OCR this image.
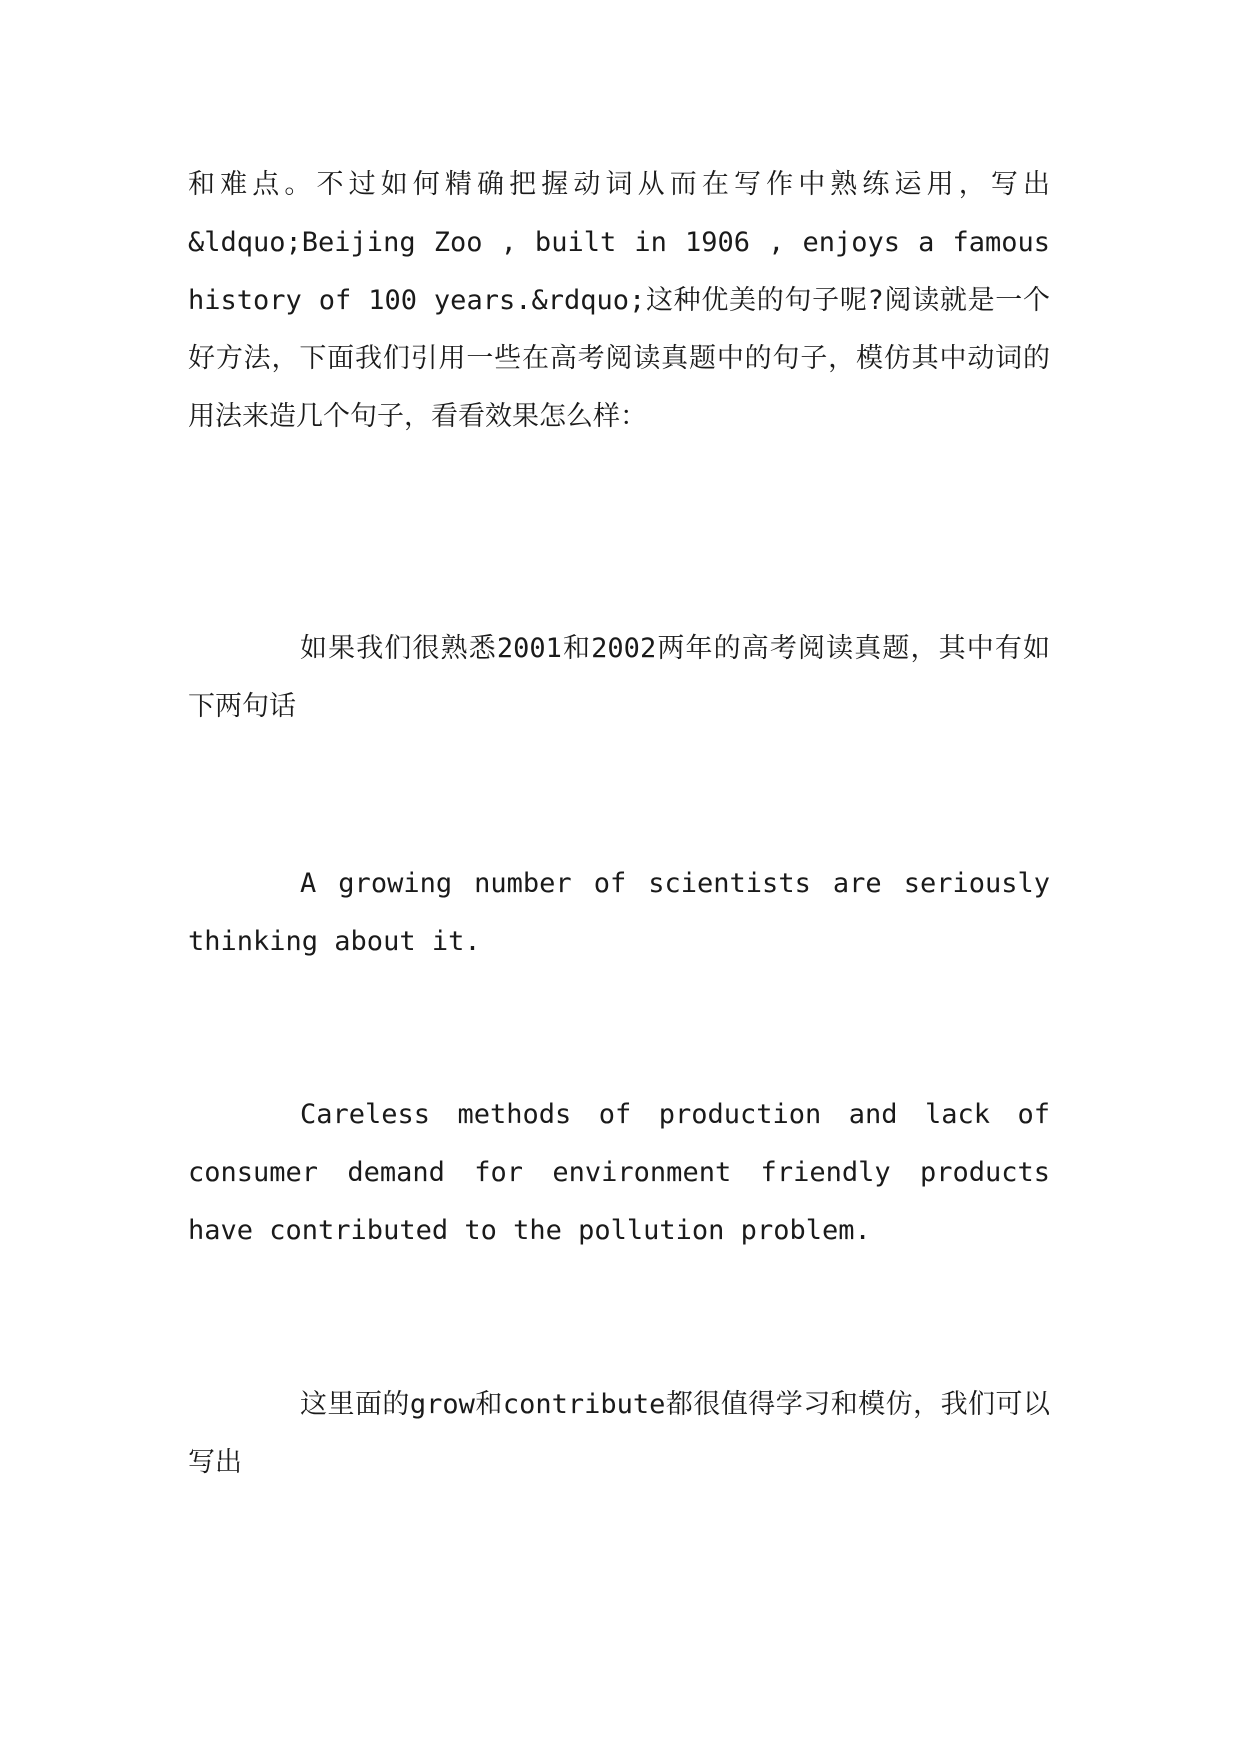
和难点。不过如何精确把握动词从而在写作中熟练运用，写出&ldquo;Beijing Zoo , built in 1906 , enjoys a famous history of 100 years.&rdquo;这种优美的句子呢?阅读就是一个好方法，下面我们引用一些在高考阅读真题中的句子，模仿其中动词的用法来造几个句子，看看效果怎么样：

如果我们很熟悉2001和2002两年的高考阅读真题，其中有如下两句话

A growing number of scientists are seriously thinking about it.

Careless methods of production and lack of consumer demand for environment friendly products have contributed to the pollution problem.

这里面的grow和contribute都很值得学习和模仿，我们可以写出
